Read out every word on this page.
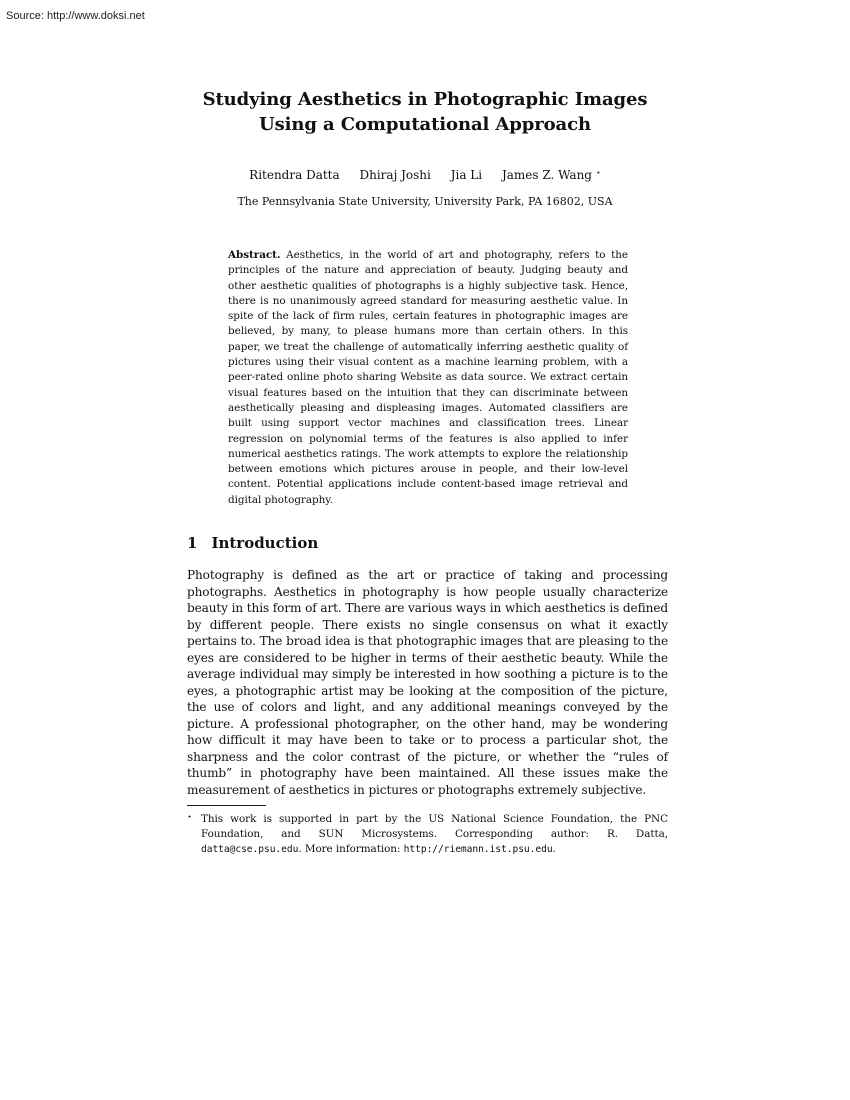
Source: http://www.doksi.net

Studying Aesthetics in Photographic Images
Using a Computational Approach

Ritendra Datta Dhiraj Joshi Jia Li James Z. Wang ⋆

The Pennsylvania State University, University Park, PA 16802, USA

Abstract. Aesthetics, in the world of art and photography, refers to the principles of the nature and appreciation of beauty. Judging beauty and other aesthetic qualities of photographs is a highly subjective task. Hence, there is no unanimously agreed standard for measuring aesthetic value. In spite of the lack of firm rules, certain features in photographic images are believed, by many, to please humans more than certain others. In this paper, we treat the challenge of automatically inferring aesthetic quality of pictures using their visual content as a machine learning problem, with a peer-rated online photo sharing Website as data source. We extract certain visual features based on the intuition that they can discriminate between aesthetically pleasing and displeasing images. Automated classifiers are built using support vector machines and classification trees. Linear regression on polynomial terms of the features is also applied to infer numerical aesthetics ratings. The work attempts to explore the relationship between emotions which pictures arouse in people, and their low-level content. Potential applications include content-based image retrieval and digital photography.

1 Introduction

Photography is defined as the art or practice of taking and processing photographs. Aesthetics in photography is how people usually characterize beauty in this form of art. There are various ways in which aesthetics is defined by different people. There exists no single consensus on what it exactly pertains to. The broad idea is that photographic images that are pleasing to the eyes are considered to be higher in terms of their aesthetic beauty. While the average individual may simply be interested in how soothing a picture is to the eyes, a photographic artist may be looking at the composition of the picture, the use of colors and light, and any additional meanings conveyed by the picture. A professional photographer, on the other hand, may be wondering how difficult it may have been to take or to process a particular shot, the sharpness and the color contrast of the picture, or whether the “rules of thumb” in photography have been maintained. All these issues make the measurement of aesthetics in pictures or photographs extremely subjective.

⋆ This work is supported in part by the US National Science Foundation, the PNC Foundation, and SUN Microsystems. Corresponding author: R. Datta, datta@cse.psu.edu. More information: http://riemann.ist.psu.edu.
